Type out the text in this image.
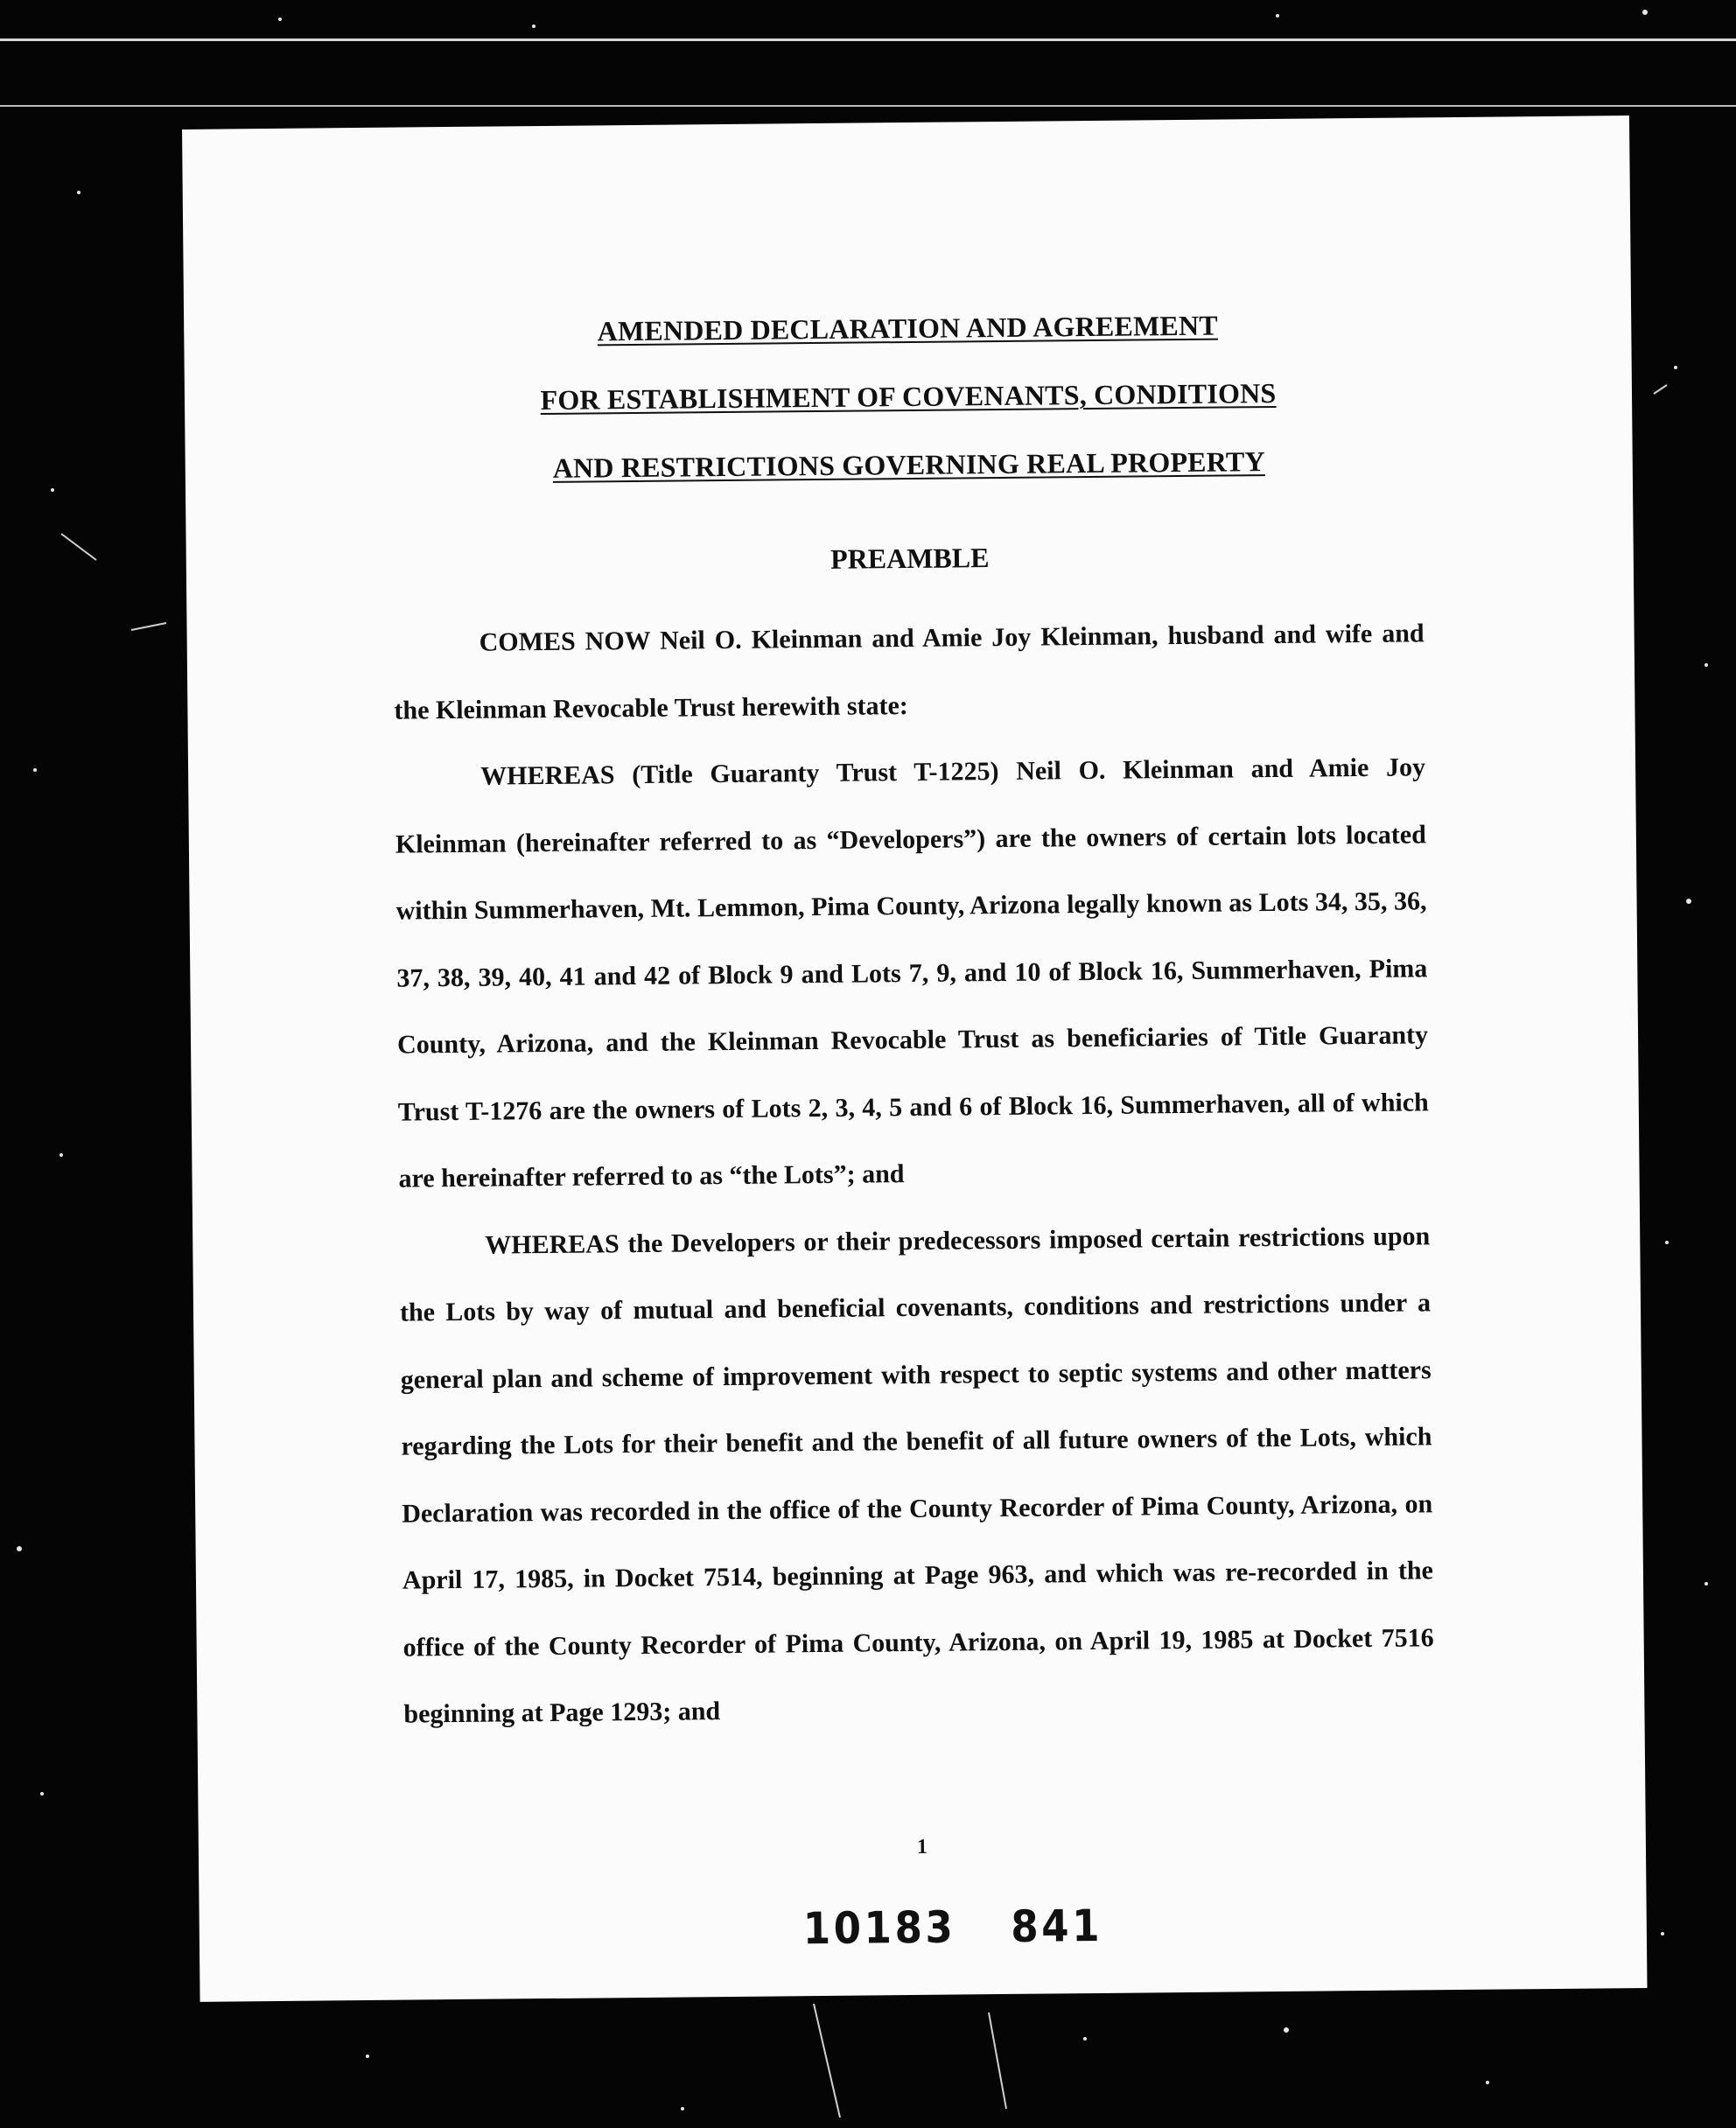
AMENDED DECLARATION AND AGREEMENT
FOR ESTABLISHMENT OF COVENANTS, CONDITIONS
AND RESTRICTIONS GOVERNING REAL PROPERTY
PREAMBLE

COMES NOW Neil O. Kleinman and Amie Joy Kleinman, husband and wife and the Kleinman Revocable Trust herewith state:

WHEREAS (Title Guaranty Trust T-1225) Neil O. Kleinman and Amie Joy Kleinman (hereinafter referred to as “Developers”) are the owners of certain lots located within Summerhaven, Mt. Lemmon, Pima County, Arizona legally known as Lots 34, 35, 36, 37, 38, 39, 40, 41 and 42 of Block 9 and Lots 7, 9, and 10 of Block 16, Summerhaven, Pima County, Arizona, and the Kleinman Revocable Trust as beneficiaries of Title Guaranty Trust T-1276 are the owners of Lots 2, 3, 4, 5 and 6 of Block 16, Summerhaven, all of which are hereinafter referred to as “the Lots”; and

WHEREAS the Developers or their predecessors imposed certain restrictions upon the Lots by way of mutual and beneficial covenants, conditions and restrictions under a general plan and scheme of improvement with respect to septic systems and other matters regarding the Lots for their benefit and the benefit of all future owners of the Lots, which Declaration was recorded in the office of the County Recorder of Pima County, Arizona, on April 17, 1985, in Docket 7514, beginning at Page 963, and which was re-recorded in the office of the County Recorder of Pima County, Arizona, on April 19, 1985 at Docket 7516 beginning at Page 1293; and

1
10183 841
